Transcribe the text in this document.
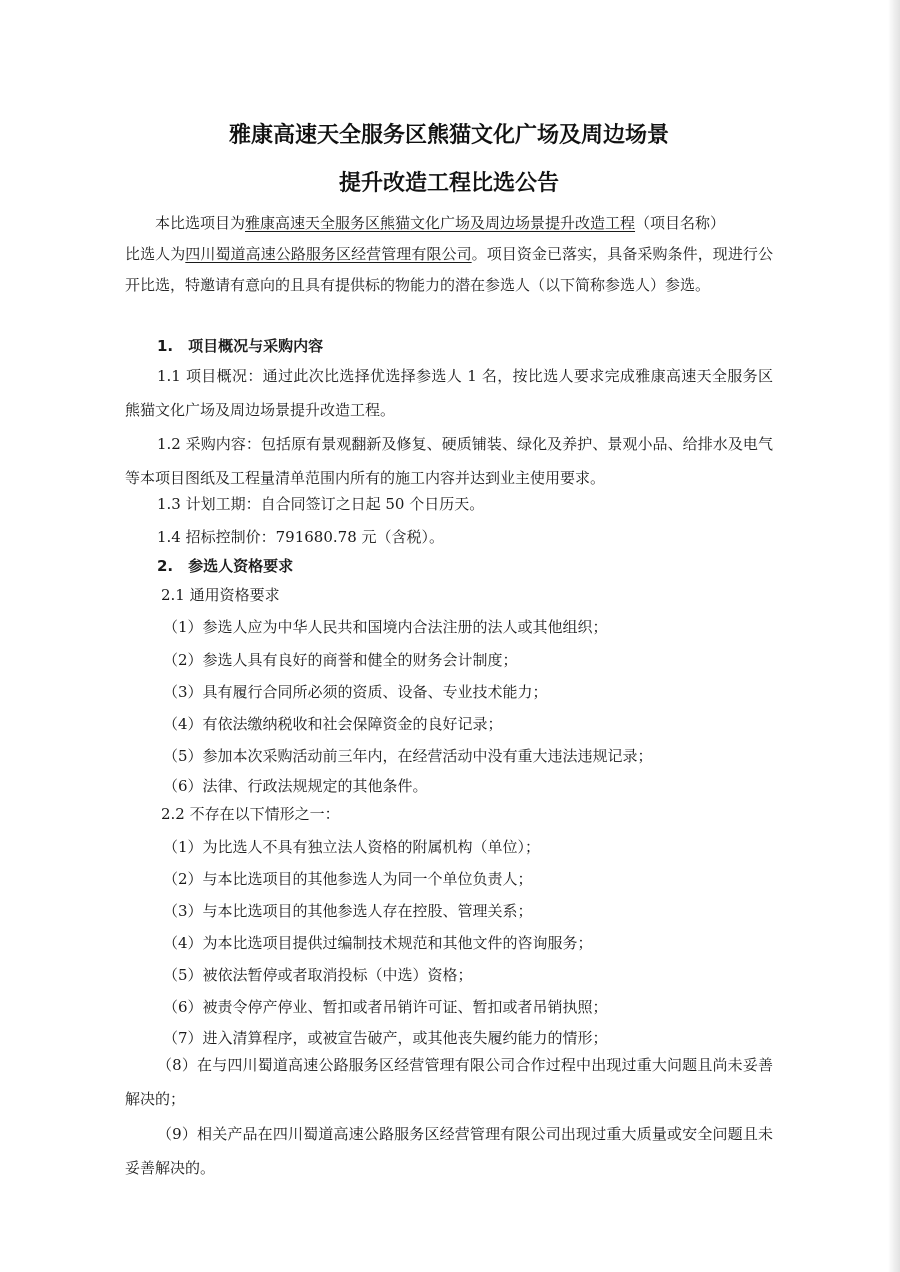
雅康高速天全服务区熊猫文化广场及周边场景
提升改造工程比选公告

本比选项目为雅康高速天全服务区熊猫文化广场及周边场景提升改造工程（项目名称）
比选人为四川蜀道高速公路服务区经营管理有限公司。项目资金已落实，具备采购条件，现进行公开比选，特邀请有意向的且具有提供标的物能力的潜在参选人（以下简称参选人）参选。

1.　项目概况与采购内容

1.1 项目概况：通过此次比选择优选择参选人 1 名，按比选人要求完成雅康高速天全服务区熊猫文化广场及周边场景提升改造工程。

1.2 采购内容：包括原有景观翻新及修复、硬质铺装、绿化及养护、景观小品、给排水及电气等本项目图纸及工程量清单范围内所有的施工内容并达到业主使用要求。

1.3 计划工期：自合同签订之日起 50 个日历天。
1.4 招标控制价：791680.78 元（含税）。
2.　参选人资格要求
2.1 通用资格要求
（1）参选人应为中华人民共和国境内合法注册的法人或其他组织；
（2）参选人具有良好的商誉和健全的财务会计制度；
（3）具有履行合同所必须的资质、设备、专业技术能力；
（4）有依法缴纳税收和社会保障资金的良好记录；
（5）参加本次采购活动前三年内，在经营活动中没有重大违法违规记录；
（6）法律、行政法规规定的其他条件。
2.2 不存在以下情形之一：
（1）为比选人不具有独立法人资格的附属机构（单位）；
（2）与本比选项目的其他参选人为同一个单位负责人；
（3）与本比选项目的其他参选人存在控股、管理关系；
（4）为本比选项目提供过编制技术规范和其他文件的咨询服务；
（5）被依法暂停或者取消投标（中选）资格；
（6）被责令停产停业、暂扣或者吊销许可证、暂扣或者吊销执照；
（7）进入清算程序，或被宣告破产，或其他丧失履约能力的情形；

（8）在与四川蜀道高速公路服务区经营管理有限公司合作过程中出现过重大问题且尚未妥善解决的；

（9）相关产品在四川蜀道高速公路服务区经营管理有限公司出现过重大质量或安全问题且未妥善解决的。
